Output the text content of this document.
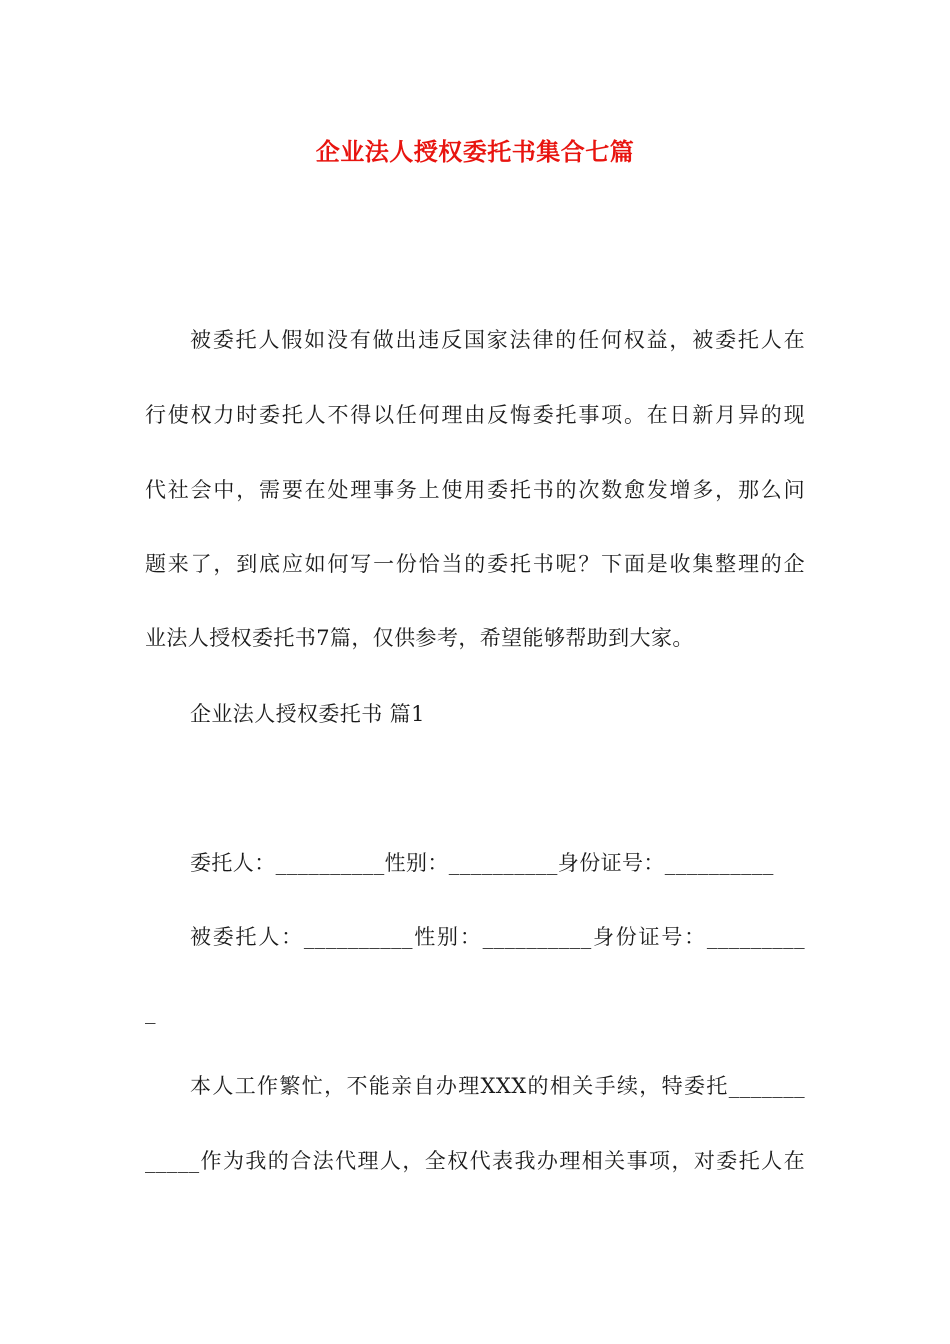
企业法人授权委托书集合七篇
被委托人假如没有做出违反国家法律的任何权益，被委托人在
行使权力时委托人不得以任何理由反悔委托事项。在日新月异的现
代社会中，需要在处理事务上使用委托书的次数愈发增多，那么问
题来了，到底应如何写一份恰当的委托书呢？下面是收集整理的企
业法人授权委托书7篇，仅供参考，希望能够帮助到大家。
企业法人授权委托书 篇1
委托人：__________性别：__________身份证号：__________
被委托人：__________性别：__________身份证号：_________
_
本人工作繁忙，不能亲自办理XXX的相关手续，特委托_______
_____作为我的合法代理人，全权代表我办理相关事项，对委托人在
